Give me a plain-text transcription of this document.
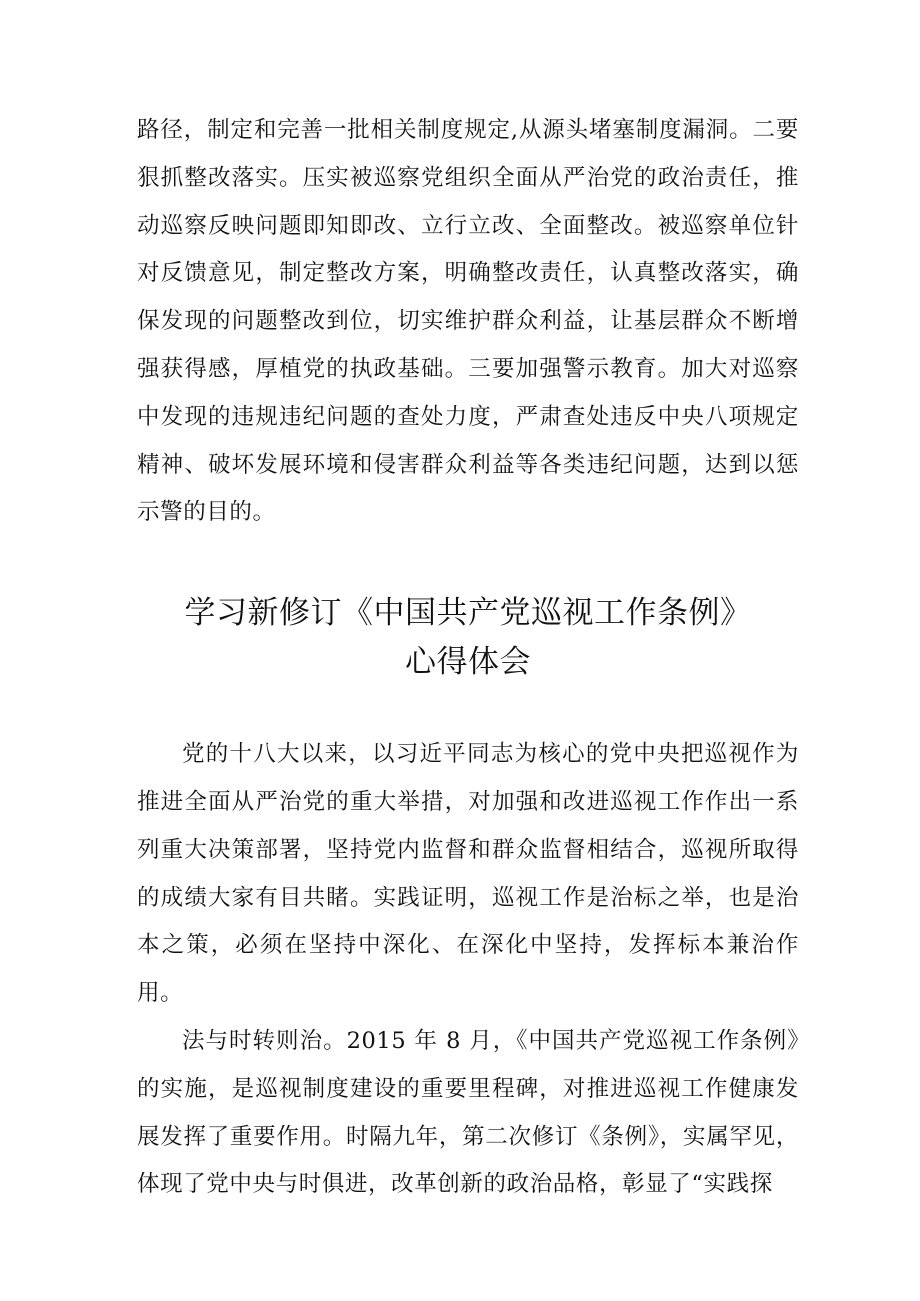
路径，制定和完善一批相关制度规定,从源头堵塞制度漏洞。二要狠抓整改落实。压实被巡察党组织全面从严治党的政治责任，推动巡察反映问题即知即改、立行立改、全面整改。被巡察单位针对反馈意见，制定整改方案，明确整改责任，认真整改落实，确保发现的问题整改到位，切实维护群众利益，让基层群众不断增强获得感，厚植党的执政基础。三要加强警示教育。加大对巡察中发现的违规违纪问题的查处力度，严肃查处违反中央八项规定精神、破坏发展环境和侵害群众利益等各类违纪问题，达到以惩示警的目的。

学习新修订《中国共产党巡视工作条例》
心得体会

党的十八大以来，以习近平同志为核心的党中央把巡视作为推进全面从严治党的重大举措，对加强和改进巡视工作作出一系列重大决策部署，坚持党内监督和群众监督相结合，巡视所取得的成绩大家有目共睹。实践证明，巡视工作是治标之举，也是治本之策，必须在坚持中深化、在深化中坚持，发挥标本兼治作用。

法与时转则治。2015 年 8 月，《中国共产党巡视工作条例》的实施，是巡视制度建设的重要里程碑，对推进巡视工作健康发展发挥了重要作用。时隔九年，第二次修订《条例》，实属罕见，体现了党中央与时俱进，改革创新的政治品格，彰显了“实践探
